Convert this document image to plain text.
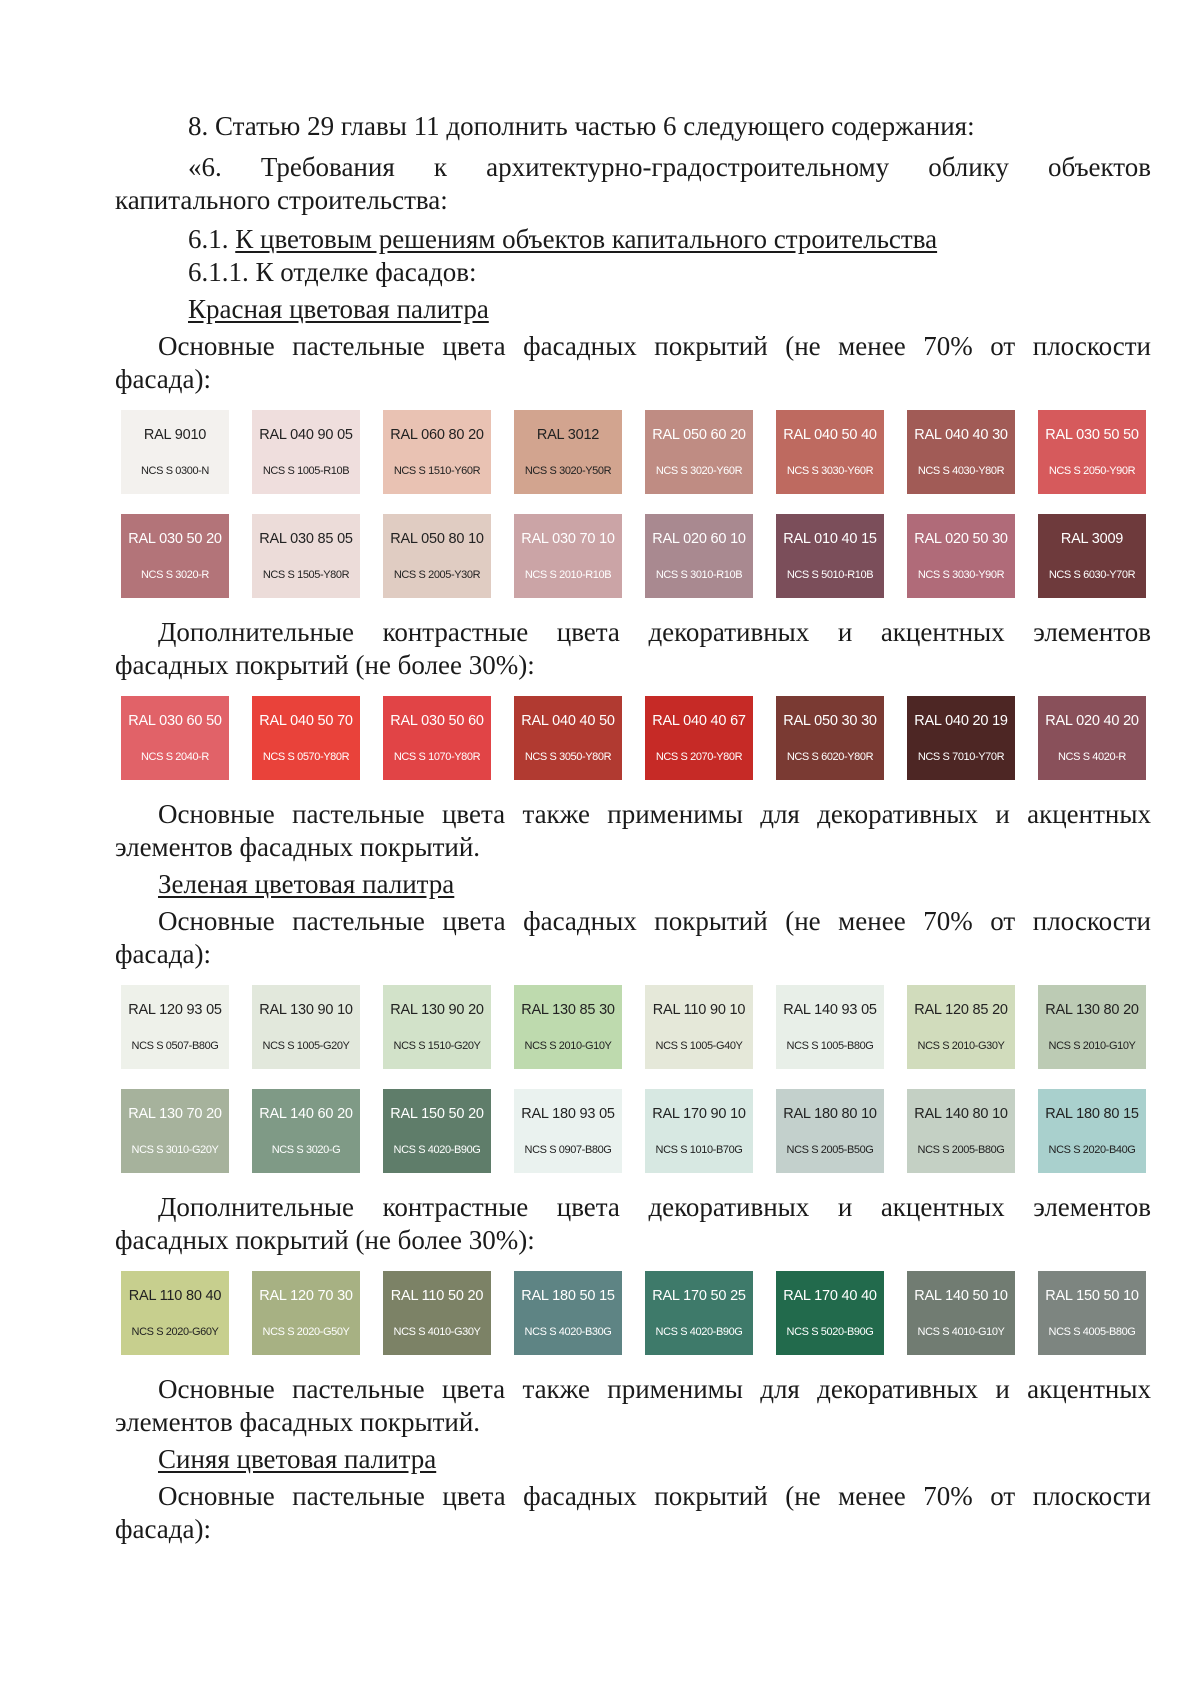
8. Статью 29 главы 11 дополнить частью 6 следующего содержания:

«6. Требования к архитектурно-градостроительному облику объектов

капитального строительства:

6.1. К цветовым решениям объектов капитального строительства

6.1.1. К отделке фасадов:

Красная цветовая палитра

Основные пастельные цвета фасадных покрытий (не менее 70% от плоскости

фасада):

RAL 9010
NCS S 0300-N
RAL 040 90 05
NCS S 1005-R10B
RAL 060 80 20
NCS S 1510-Y60R
RAL 3012
NCS S 3020-Y50R
RAL 050 60 20
NCS S 3020-Y60R
RAL 040 50 40
NCS S 3030-Y60R
RAL 040 40 30
NCS S 4030-Y80R
RAL 030 50 50
NCS S 2050-Y90R
RAL 030 50 20
NCS S 3020-R
RAL 030 85 05
NCS S 1505-Y80R
RAL 050 80 10
NCS S 2005-Y30R
RAL 030 70 10
NCS S 2010-R10B
RAL 020 60 10
NCS S 3010-R10B
RAL 010 40 15
NCS S 5010-R10B
RAL 020 50 30
NCS S 3030-Y90R
RAL 3009
NCS S 6030-Y70R

Дополнительные контрастные цвета декоративных и акцентных элементов

фасадных покрытий (не более 30%):

RAL 030 60 50
NCS S 2040-R
RAL 040 50 70
NCS S 0570-Y80R
RAL 030 50 60
NCS S 1070-Y80R
RAL 040 40 50
NCS S 3050-Y80R
RAL 040 40 67
NCS S 2070-Y80R
RAL 050 30 30
NCS S 6020-Y80R
RAL 040 20 19
NCS S 7010-Y70R
RAL 020 40 20
NCS S 4020-R

Основные пастельные цвета также применимы для декоративных и акцентных

элементов фасадных покрытий.

Зеленая цветовая палитра

Основные пастельные цвета фасадных покрытий (не менее 70% от плоскости

фасада):

RAL 120 93 05
NCS S 0507-B80G
RAL 130 90 10
NCS S 1005-G20Y
RAL 130 90 20
NCS S 1510-G20Y
RAL 130 85 30
NCS S 2010-G10Y
RAL 110 90 10
NCS S 1005-G40Y
RAL 140 93 05
NCS S 1005-B80G
RAL 120 85 20
NCS S 2010-G30Y
RAL 130 80 20
NCS S 2010-G10Y
RAL 130 70 20
NCS S 3010-G20Y
RAL 140 60 20
NCS S 3020-G
RAL 150 50 20
NCS S 4020-B90G
RAL 180 93 05
NCS S 0907-B80G
RAL 170 90 10
NCS S 1010-B70G
RAL 180 80 10
NCS S 2005-B50G
RAL 140 80 10
NCS S 2005-B80G
RAL 180 80 15
NCS S 2020-B40G

Дополнительные контрастные цвета декоративных и акцентных элементов

фасадных покрытий (не более 30%):

RAL 110 80 40
NCS S 2020-G60Y
RAL 120 70 30
NCS S 2020-G50Y
RAL 110 50 20
NCS S 4010-G30Y
RAL 180 50 15
NCS S 4020-B30G
RAL 170 50 25
NCS S 4020-B90G
RAL 170 40 40
NCS S 5020-B90G
RAL 140 50 10
NCS S 4010-G10Y
RAL 150 50 10
NCS S 4005-B80G

Основные пастельные цвета также применимы для декоративных и акцентных

элементов фасадных покрытий.

Синяя цветовая палитра

Основные пастельные цвета фасадных покрытий (не менее 70% от плоскости

фасада):
